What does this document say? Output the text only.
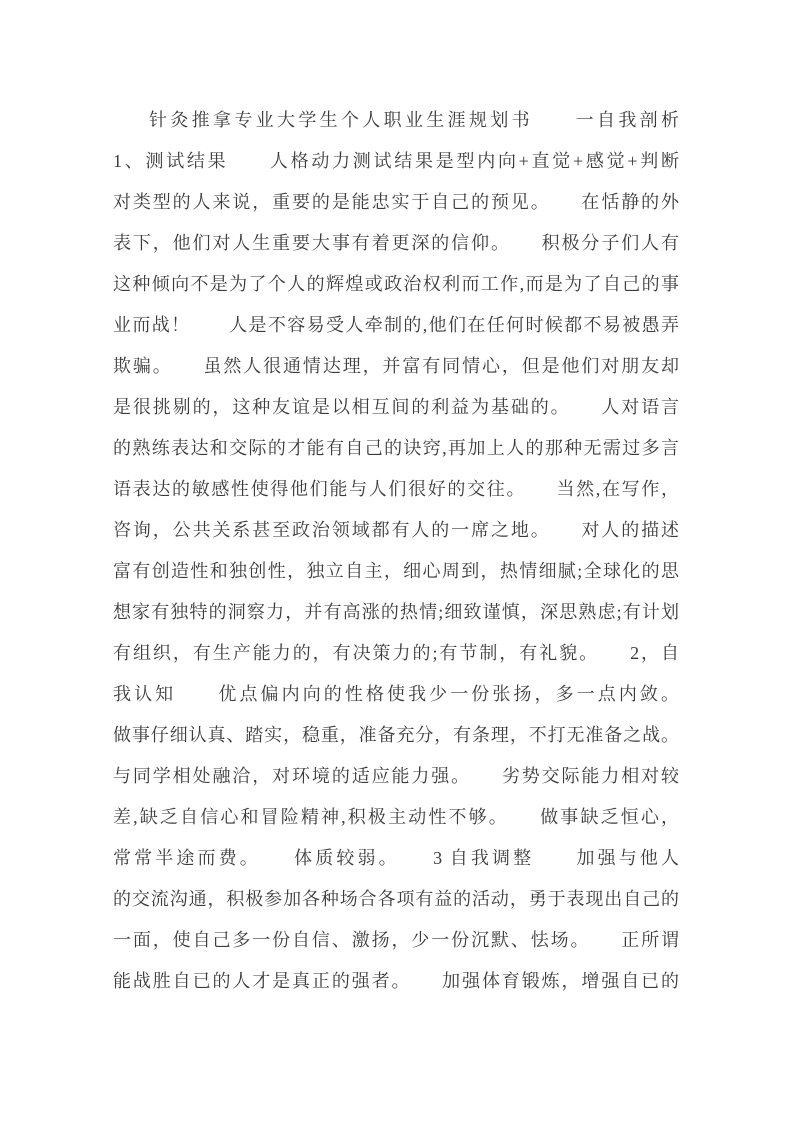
针灸推拿专业大学生个人职业生涯规划书　　一自我剖析
1、测试结果　　人格动力测试结果是型内向+直觉+感觉+判断
对类型的人来说，重要的是能忠实于自己的预见。　　在恬静的外
表下，他们对人生重要大事有着更深的信仰。　　积极分子们人有
这种倾向不是为了个人的辉煌或政治权利而工作,而是为了自己的事
业而战！　　人是不容易受人牵制的,他们在任何时候都不易被愚弄
欺骗。　　虽然人很通情达理，并富有同情心，但是他们对朋友却
是很挑剔的，这种友谊是以相互间的利益为基础的。　　人对语言
的熟练表达和交际的才能有自己的诀窍,再加上人的那种无需过多言
语表达的敏感性使得他们能与人们很好的交往。　　当然,在写作，
咨询，公共关系甚至政治领域都有人的一席之地。　　对人的描述
富有创造性和独创性，独立自主，细心周到，热情细腻;全球化的思
想家有独特的洞察力，并有高涨的热情;细致谨慎，深思熟虑;有计划
有组织，有生产能力的，有决策力的;有节制，有礼貌。　　2，自
我认知　　优点偏内向的性格使我少一份张扬，多一点内敛。
做事仔细认真、踏实，稳重，准备充分，有条理，不打无准备之战。
与同学相处融洽，对环境的适应能力强。　　劣势交际能力相对较
差,缺乏自信心和冒险精神,积极主动性不够。　　做事缺乏恒心，
常常半途而费。　　体质较弱。　　3 自我调整　　加强与他人
的交流沟通，积极参加各种场合各项有益的活动，勇于表现出自己的
一面，使自己多一份自信、激扬，少一份沉默、怯场。　　正所谓
能战胜自已的人才是真正的强者。　　加强体育锻炼，增强自已的
